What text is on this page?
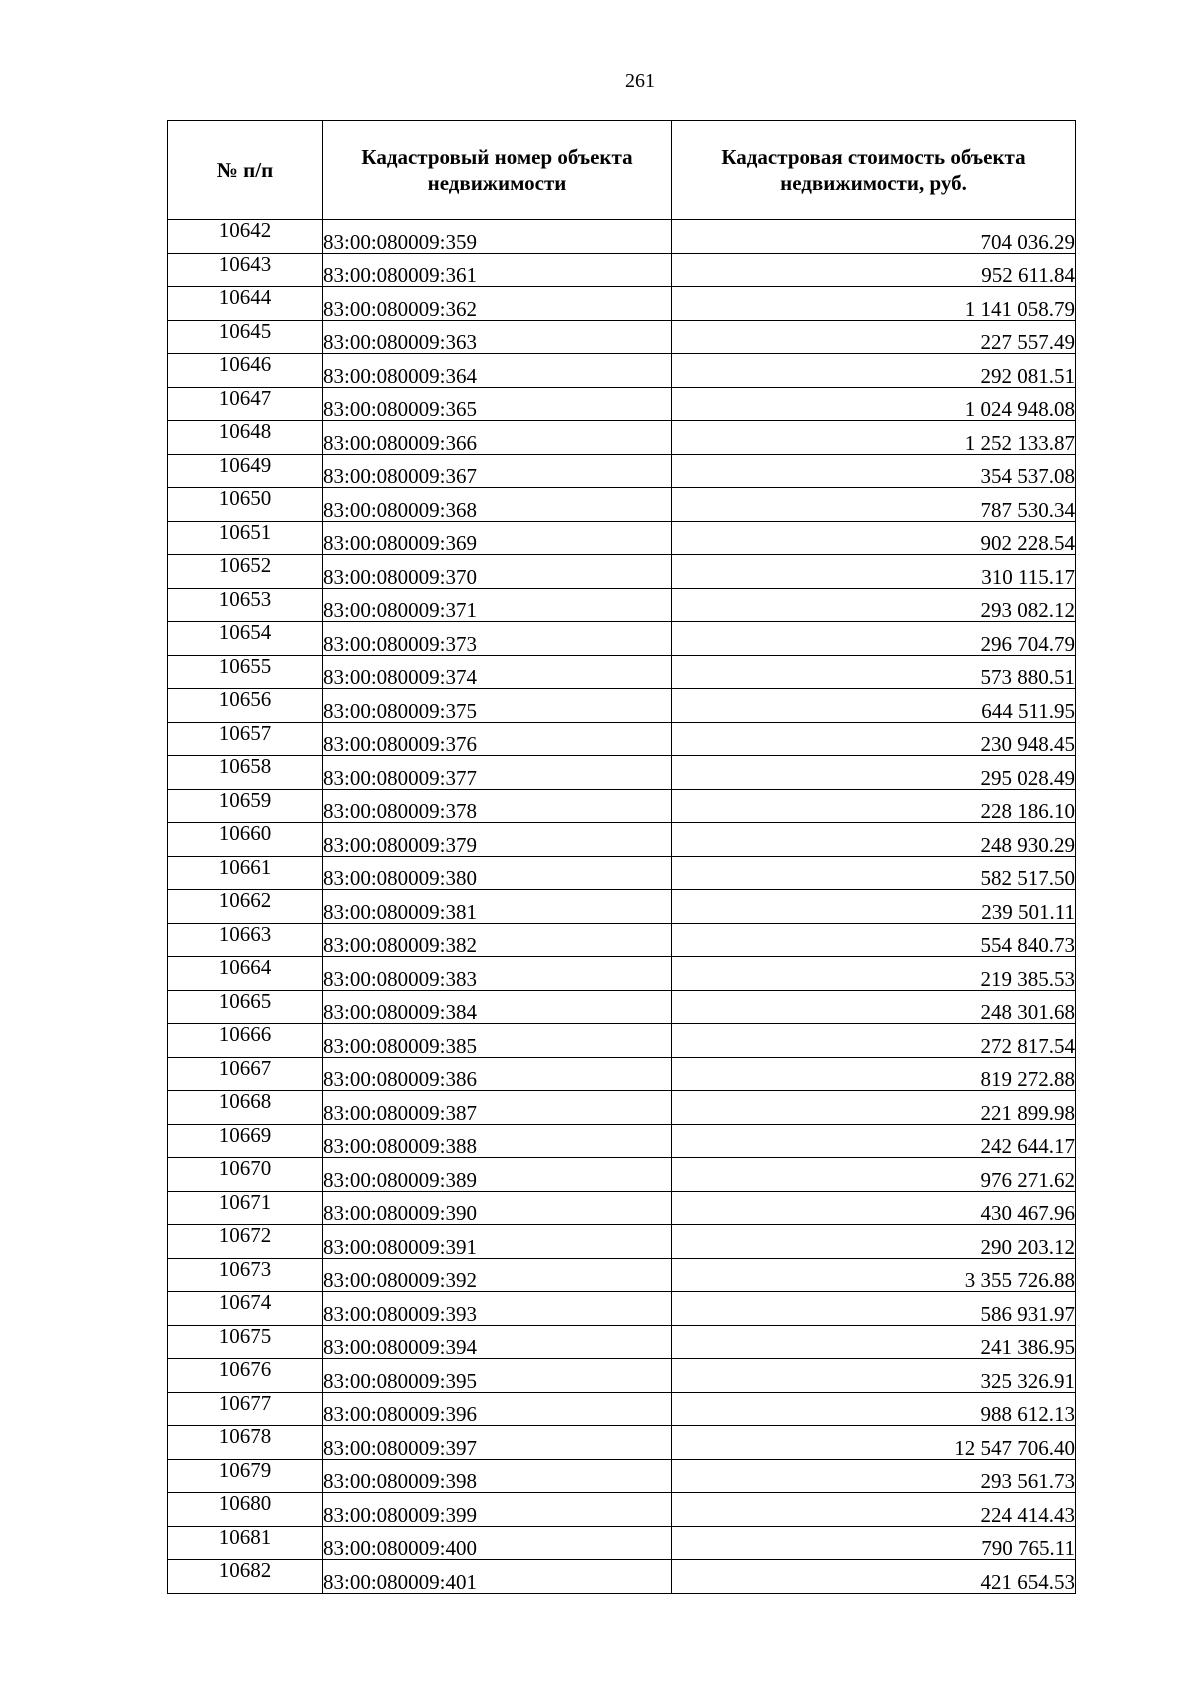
261
№ п/п	Кадастровый номер объекта недвижимости	Кадастровая стоимость объекта недвижимости, руб.
10642	83:00:080009:359	704 036.29
10643	83:00:080009:361	952 611.84
10644	83:00:080009:362	1 141 058.79
10645	83:00:080009:363	227 557.49
10646	83:00:080009:364	292 081.51
10647	83:00:080009:365	1 024 948.08
10648	83:00:080009:366	1 252 133.87
10649	83:00:080009:367	354 537.08
10650	83:00:080009:368	787 530.34
10651	83:00:080009:369	902 228.54
10652	83:00:080009:370	310 115.17
10653	83:00:080009:371	293 082.12
10654	83:00:080009:373	296 704.79
10655	83:00:080009:374	573 880.51
10656	83:00:080009:375	644 511.95
10657	83:00:080009:376	230 948.45
10658	83:00:080009:377	295 028.49
10659	83:00:080009:378	228 186.10
10660	83:00:080009:379	248 930.29
10661	83:00:080009:380	582 517.50
10662	83:00:080009:381	239 501.11
10663	83:00:080009:382	554 840.73
10664	83:00:080009:383	219 385.53
10665	83:00:080009:384	248 301.68
10666	83:00:080009:385	272 817.54
10667	83:00:080009:386	819 272.88
10668	83:00:080009:387	221 899.98
10669	83:00:080009:388	242 644.17
10670	83:00:080009:389	976 271.62
10671	83:00:080009:390	430 467.96
10672	83:00:080009:391	290 203.12
10673	83:00:080009:392	3 355 726.88
10674	83:00:080009:393	586 931.97
10675	83:00:080009:394	241 386.95
10676	83:00:080009:395	325 326.91
10677	83:00:080009:396	988 612.13
10678	83:00:080009:397	12 547 706.40
10679	83:00:080009:398	293 561.73
10680	83:00:080009:399	224 414.43
10681	83:00:080009:400	790 765.11
10682	83:00:080009:401	421 654.53
